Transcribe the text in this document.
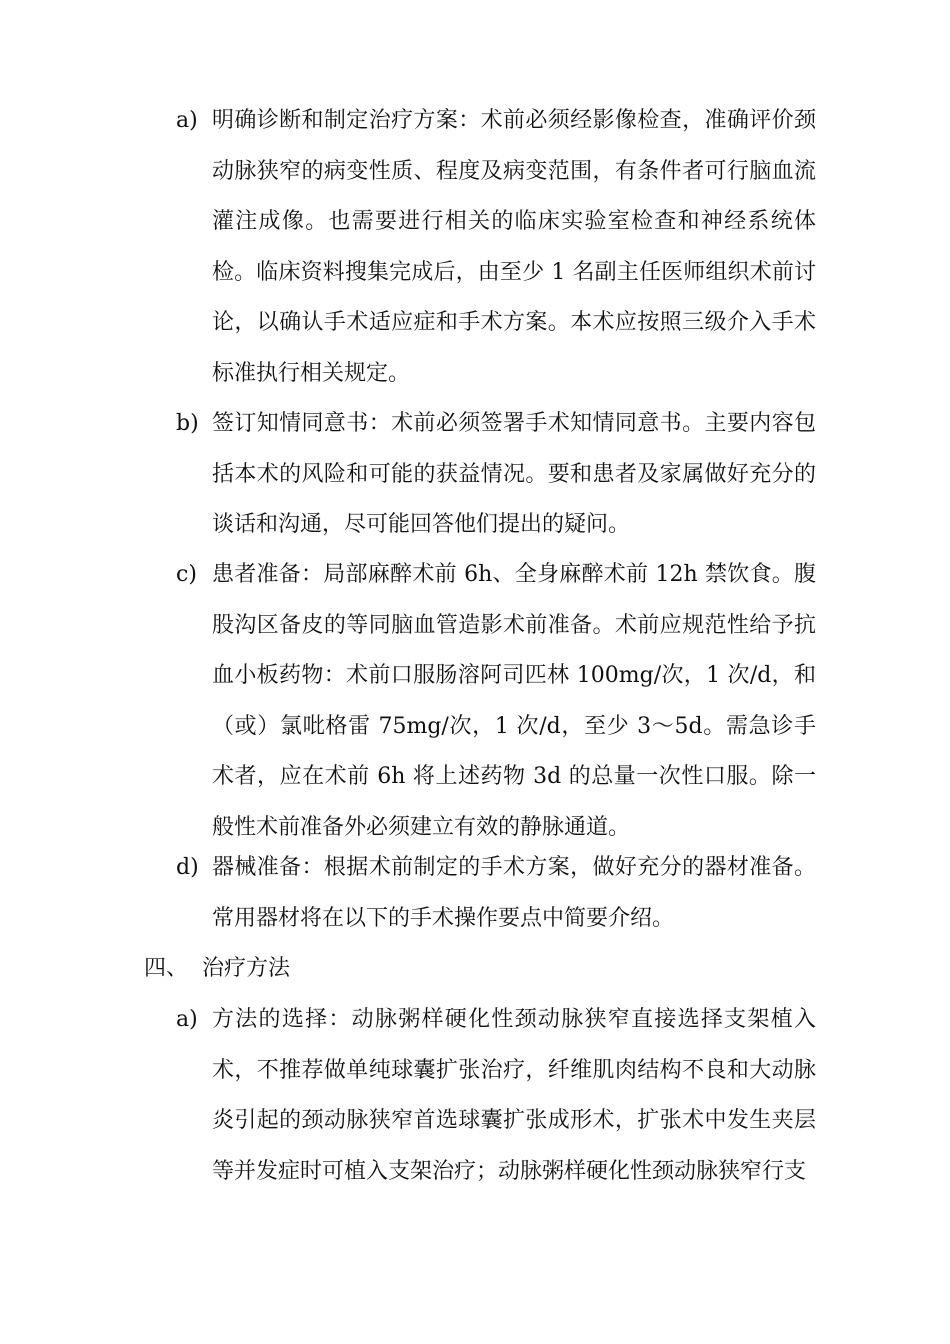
a) 明确诊断和制定治疗方案：术前必须经影像检查，准确评价颈动脉狭窄的病变性质、程度及病变范围，有条件者可行脑血流灌注成像。也需要进行相关的临床实验室检查和神经系统体检。临床资料搜集完成后，由至少 1 名副主任医师组织术前讨论，以确认手术适应症和手术方案。本术应按照三级介入手术标准执行相关规定。
b) 签订知情同意书：术前必须签署手术知情同意书。主要内容包括本术的风险和可能的获益情况。要和患者及家属做好充分的谈话和沟通，尽可能回答他们提出的疑问。
c) 患者准备：局部麻醉术前 6h、全身麻醉术前 12h 禁饮食。腹股沟区备皮的等同脑血管造影术前准备。术前应规范性给予抗血小板药物：术前口服肠溶阿司匹林 100mg/次，1 次/d，和（或）氯吡格雷 75mg/次，1 次/d，至少 3～5d。需急诊手术者，应在术前 6h 将上述药物 3d 的总量一次性口服。除一般性术前准备外必须建立有效的静脉通道。
d) 器械准备：根据术前制定的手术方案，做好充分的器材准备。常用器材将在以下的手术操作要点中简要介绍。
四、 治疗方法
a) 方法的选择：动脉粥样硬化性颈动脉狭窄直接选择支架植入术，不推荐做单纯球囊扩张治疗，纤维肌肉结构不良和大动脉炎引起的颈动脉狭窄首选球囊扩张成形术，扩张术中发生夹层等并发症时可植入支架治疗；动脉粥样硬化性颈动脉狭窄行支
